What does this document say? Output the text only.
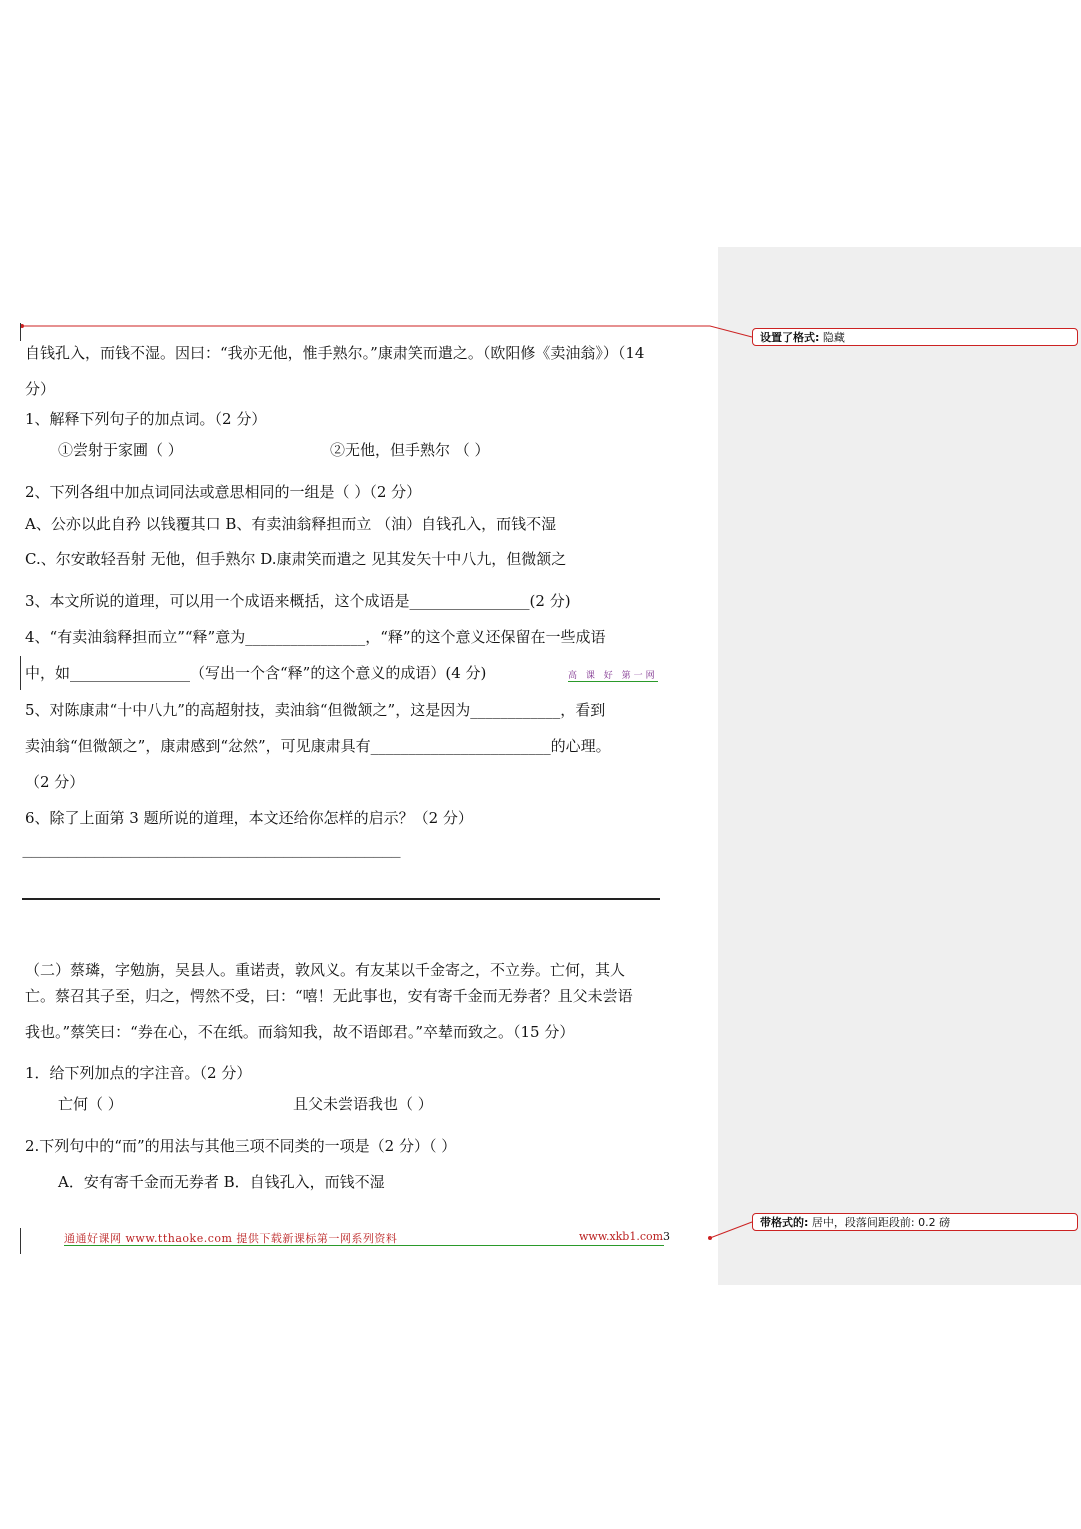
设置了格式: 隐藏
带格式的: 居中，段落间距段前: 0.2 磅
自钱孔入，而钱不湿。因曰：“我亦无他，惟手熟尔。”康肃笑而遣之。（欧阳修《卖油翁》）（14
分）
1、解释下列句子的加点词。（2 分）
①尝射于家圃（ ）	②无他，但手熟尔 （ ）
2、下列各组中加点词同法或意思相同的一组是（ ）（2 分）
A、公亦以此自矜 以钱覆其口 B、有卖油翁释担而立 （油）自钱孔入，而钱不湿
C.、尔安敢轻吾射 无他，但手熟尔 D.康肃笑而遣之 见其发矢十中八九，但微颔之
3、本文所说的道理，可以用一个成语来概括，这个成语是________________(2 分)
4、“有卖油翁释担而立”“释”意为________________，“释”的这个意义还保留在一些成语
中，如________________（写出一个含“释”的这个意义的成语）(4 分)	高 课 好 第一网
5、对陈康肃“十中八九”的高超射技，卖油翁“但微颔之”，这是因为____________，看到
卖油翁“但微颔之”，康肃感到“忿然”，可见康肃具有________________________的心理。
（2 分）
6、除了上面第 3 题所说的道理，本文还给你怎样的启示？（2 分）
——————————————————————————————————————————
（二）蔡璘，字勉旃，吴县人。重诺责，敦风义。有友某以千金寄之，不立券。亡何，其人
亡。蔡召其子至，归之，愕然不受，曰：“嘻！无此事也，安有寄千金而无券者？且父未尝语
我也。”蔡笑曰：“券在心，不在纸。而翁知我，故不语郎君。”卒辇而致之。（15 分）
1．给下列加点的字注音。（2 分）
亡何（ ）	且父未尝语我也（ ）
2.下列句中的“而”的用法与其他三项不同类的一项是（2 分）（ ）
A．安有寄千金而无券者 B．自钱孔入，而钱不湿
通通好课网 www.tthaoke.com 提供下载新课标第一网系列资料	www.xkb1.com 3
